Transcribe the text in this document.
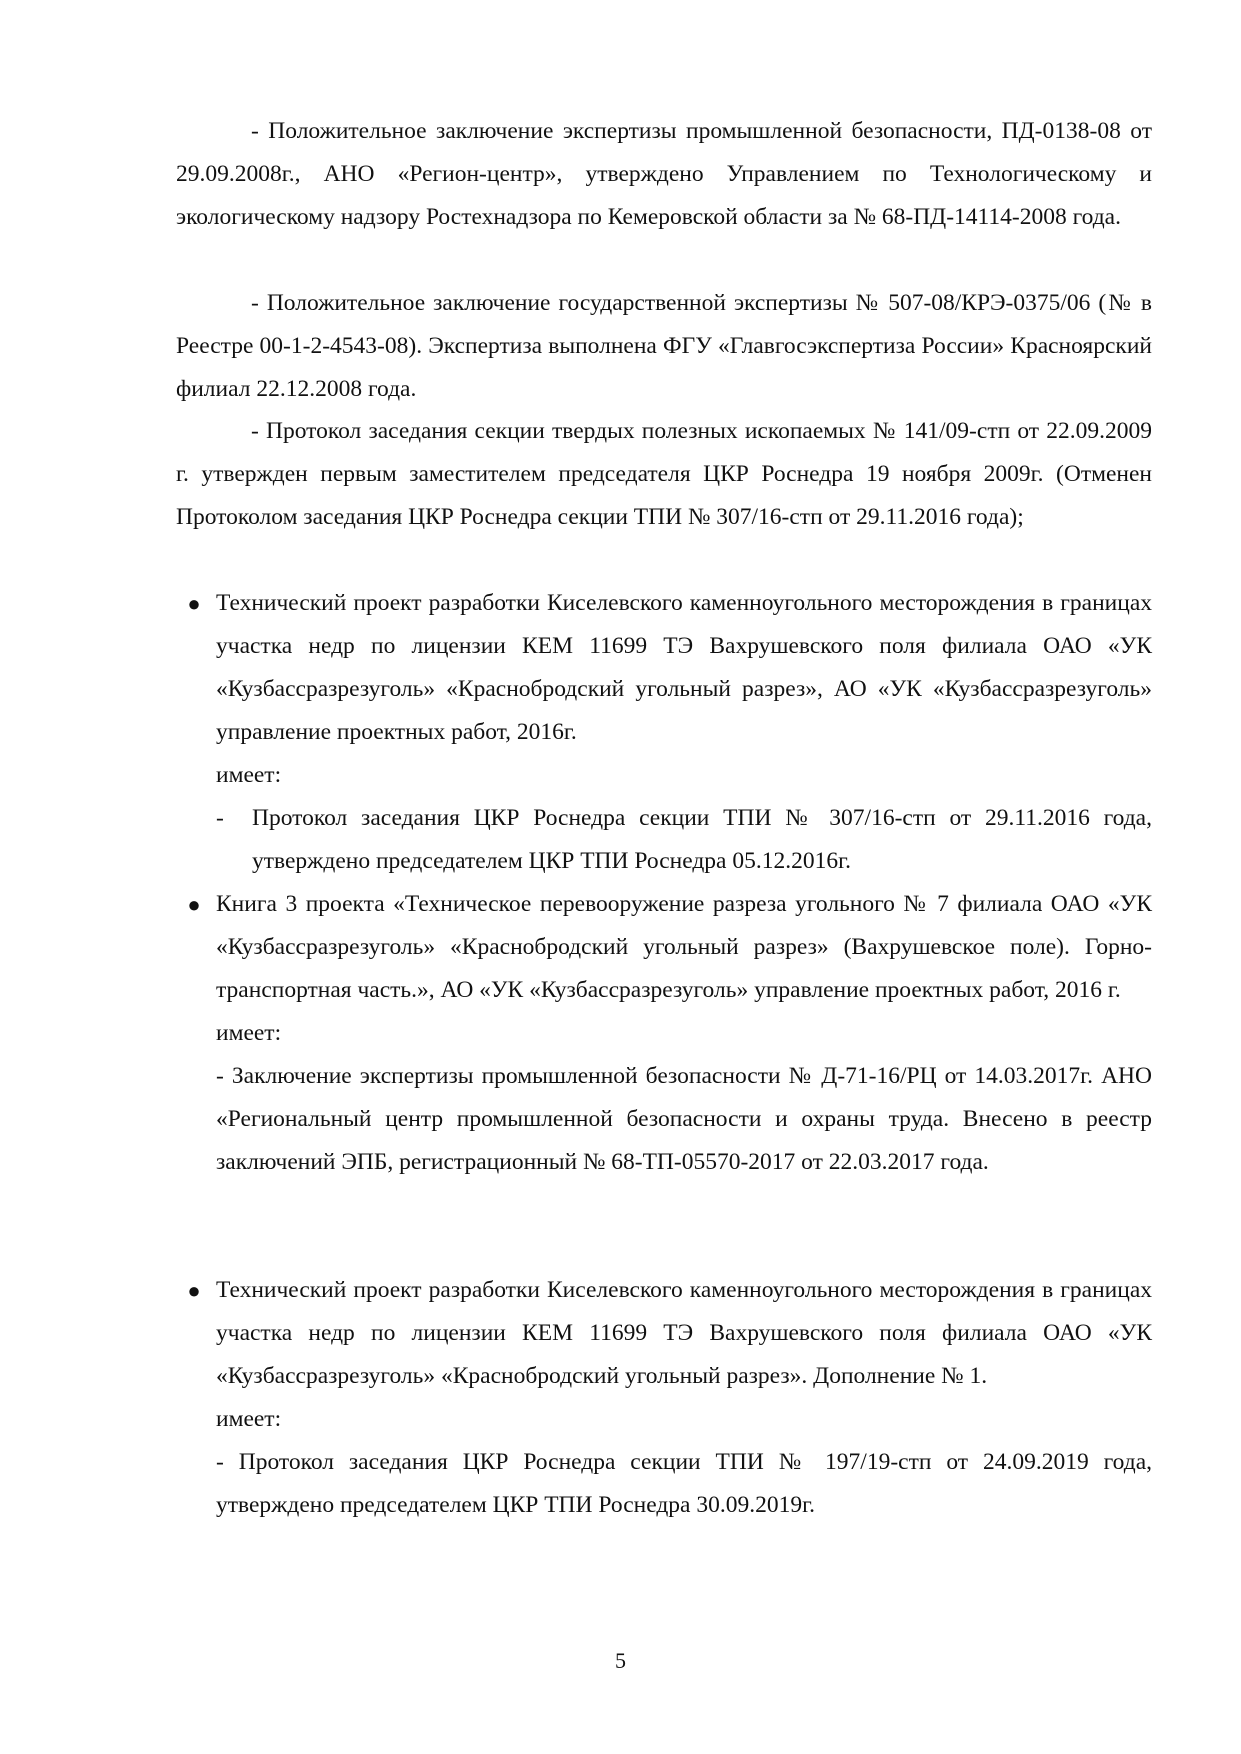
- Положительное заключение экспертизы промышленной безопасности, ПД-0138-08 от 29.09.2008г., АНО «Регион-центр», утверждено Управлением по Технологическому и экологическому надзору Ростехнадзора по Кемеровской области за № 68-ПД-14114-2008 года.

- Положительное заключение государственной экспертизы № 507-08/КРЭ-0375/06 (№ в Реестре 00-1-2-4543-08). Экспертиза выполнена ФГУ «Главгосэкспертиза России» Красноярский филиал 22.12.2008 года.

- Протокол заседания секции твердых полезных ископаемых № 141/09-стп от 22.09.2009 г. утвержден первым заместителем председателя ЦКР Роснедра 19 ноября 2009г. (Отменен Протоколом заседания ЦКР Роснедра секции ТПИ № 307/16-стп от 29.11.2016 года);

● Технический проект разработки Киселевского каменноугольного месторождения в границах участка недр по лицензии КЕМ 11699 ТЭ Вахрушевского поля филиала ОАО «УК «Кузбассразрезуголь» «Краснобродский угольный разрез», АО «УК «Кузбассразрезуголь» управление проектных работ, 2016г.

имеет:

- Протокол заседания ЦКР Роснедра секции ТПИ № 307/16-стп от 29.11.2016 года, утверждено председателем ЦКР ТПИ Роснедра 05.12.2016г.
● Книга 3 проекта «Техническое перевооружение разреза угольного № 7 филиала ОАО «УК «Кузбассразрезуголь» «Краснобродский угольный разрез» (Вахрушевское поле). Горно-транспортная часть.», АО «УК «Кузбассразрезуголь» управление проектных работ, 2016 г.

имеет:

- Заключение экспертизы промышленной безопасности № Д-71-16/РЦ от 14.03.2017г. АНО «Региональный центр промышленной безопасности и охраны труда. Внесено в реестр заключений ЭПБ, регистрационный № 68-ТП-05570-2017 от 22.03.2017 года.

● Технический проект разработки Киселевского каменноугольного месторождения в границах участка недр по лицензии КЕМ 11699 ТЭ Вахрушевского поля филиала ОАО «УК «Кузбассразрезуголь» «Краснобродский угольный разрез». Дополнение № 1.

имеет:

- Протокол заседания ЦКР Роснедра секции ТПИ № 197/19-стп от 24.09.2019 года, утверждено председателем ЦКР ТПИ Роснедра 30.09.2019г.

5
